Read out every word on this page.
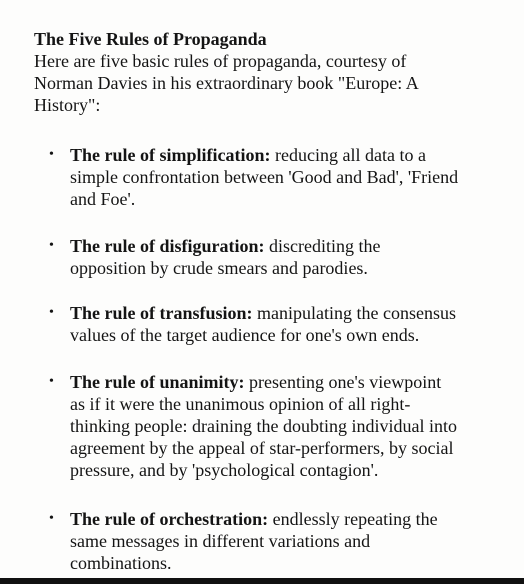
The Five Rules of Propaganda
Here are five basic rules of propaganda, courtesy of
Norman Davies in his extraordinary book "Europe: A
History":
• The rule of simplification: reducing all data to a
simple confrontation between 'Good and Bad', 'Friend
and Foe'.
• The rule of disfiguration: discrediting the
opposition by crude smears and parodies.
• The rule of transfusion: manipulating the consensus
values of the target audience for one's own ends.
• The rule of unanimity: presenting one's viewpoint
as if it were the unanimous opinion of all right-
thinking people: draining the doubting individual into
agreement by the appeal of star-performers, by social
pressure, and by 'psychological contagion'.
• The rule of orchestration: endlessly repeating the
same messages in different variations and
combinations.
